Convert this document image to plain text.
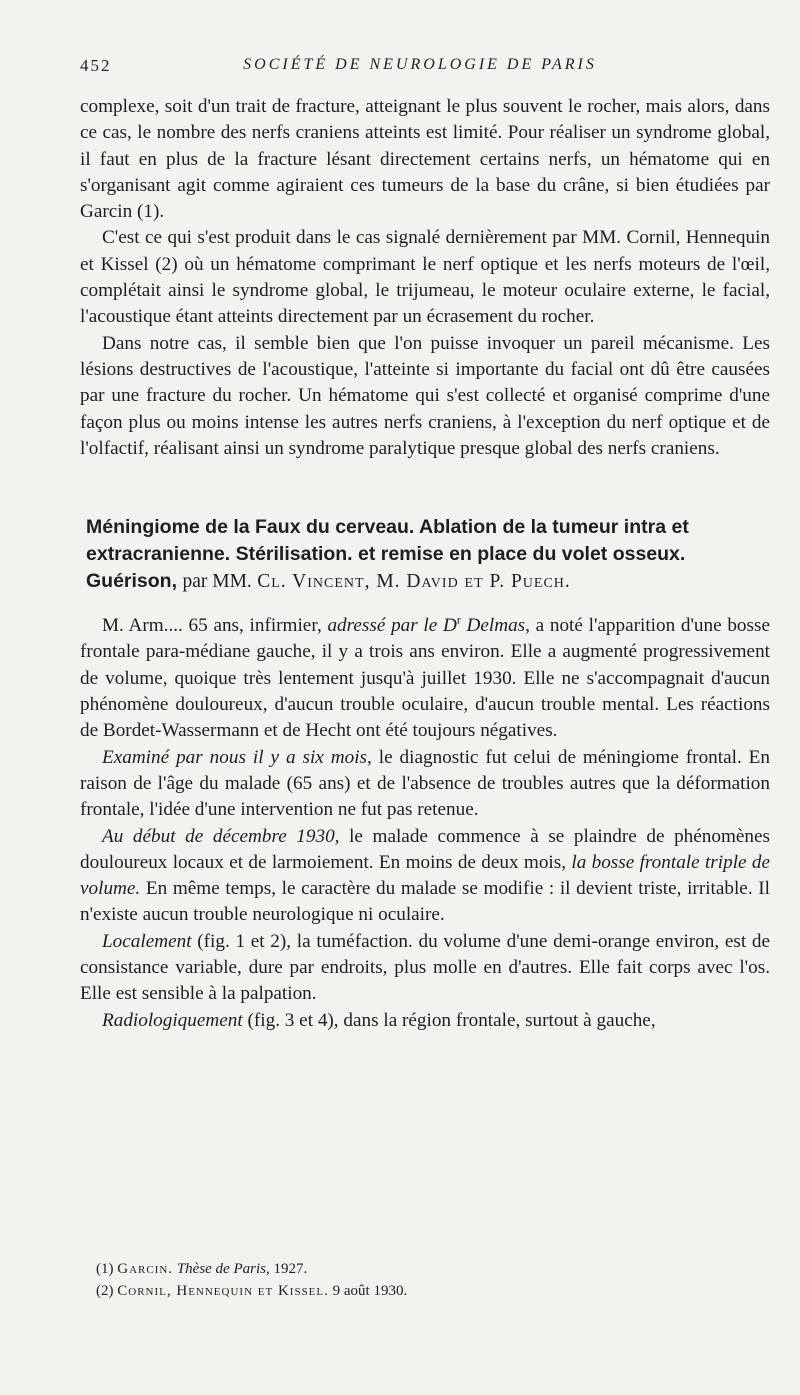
452	SOCIÉTÉ DE NEUROLOGIE DE PARIS

complexe, soit d'un trait de fracture, atteignant le plus souvent le rocher, mais alors, dans ce cas, le nombre des nerfs craniens atteints est limité. Pour réaliser un syndrome global, il faut en plus de la fracture lésant directement certains nerfs, un hématome qui en s'organisant agit comme agiraient ces tumeurs de la base du crâne, si bien étudiées par Garcin (1).

C'est ce qui s'est produit dans le cas signalé dernièrement par MM. Cornil, Hennequin et Kissel (2) où un hématome comprimant le nerf optique et les nerfs moteurs de l'œil, complétait ainsi le syndrome global, le trijumeau, le moteur oculaire externe, le facial, l'acoustique étant atteints directement par un écrasement du rocher.

Dans notre cas, il semble bien que l'on puisse invoquer un pareil mécanisme. Les lésions destructives de l'acoustique, l'atteinte si importante du facial ont dû être causées par une fracture du rocher. Un hématome qui s'est collecté et organisé comprime d'une façon plus ou moins intense les autres nerfs craniens, à l'exception du nerf optique et de l'olfactif, réalisant ainsi un syndrome paralytique presque global des nerfs craniens.

Méningiome de la Faux du cerveau. Ablation de la tumeur intra et extracranienne. Stérilisation. et remise en place du volet osseux. Guérison, par MM. Cl. Vincent, M. David et P. Puech.

M. Arm.... 65 ans, infirmier, adressé par le $D^r$ Delmas, a noté l'apparition d'une bosse frontale para-médiane gauche, il y a trois ans environ. Elle a augmenté progressivement de volume, quoique très lentement jusqu'à juillet 1930. Elle ne s'accompagnait d'aucun phénomène douloureux, d'aucun trouble oculaire, d'aucun trouble mental. Les réactions de Bordet-Wassermann et de Hecht ont été toujours négatives.

Examiné par nous il y a six mois, le diagnostic fut celui de méningiome frontal. En raison de l'âge du malade (65 ans) et de l'absence de troubles autres que la déformation frontale, l'idée d'une intervention ne fut pas retenue.

Au début de décembre 1930, le malade commence à se plaindre de phénomènes douloureux locaux et de larmoiement. En moins de deux mois, la bosse frontale triple de volume. En même temps, le caractère du malade se modifie : il devient triste, irritable. Il n'existe aucun trouble neurologique ni oculaire.

Localement (fig. 1 et 2), la tuméfaction. du volume d'une demi-orange environ, est de consistance variable, dure par endroits, plus molle en d'autres. Elle fait corps avec l'os. Elle est sensible à la palpation.

Radiologiquement (fig. 3 et 4), dans la région frontale, surtout à gauche,

(1) Garcin. Thèse de Paris, 1927.

(2) Cornil, Hennequin et Kissel. 9 août 1930.
